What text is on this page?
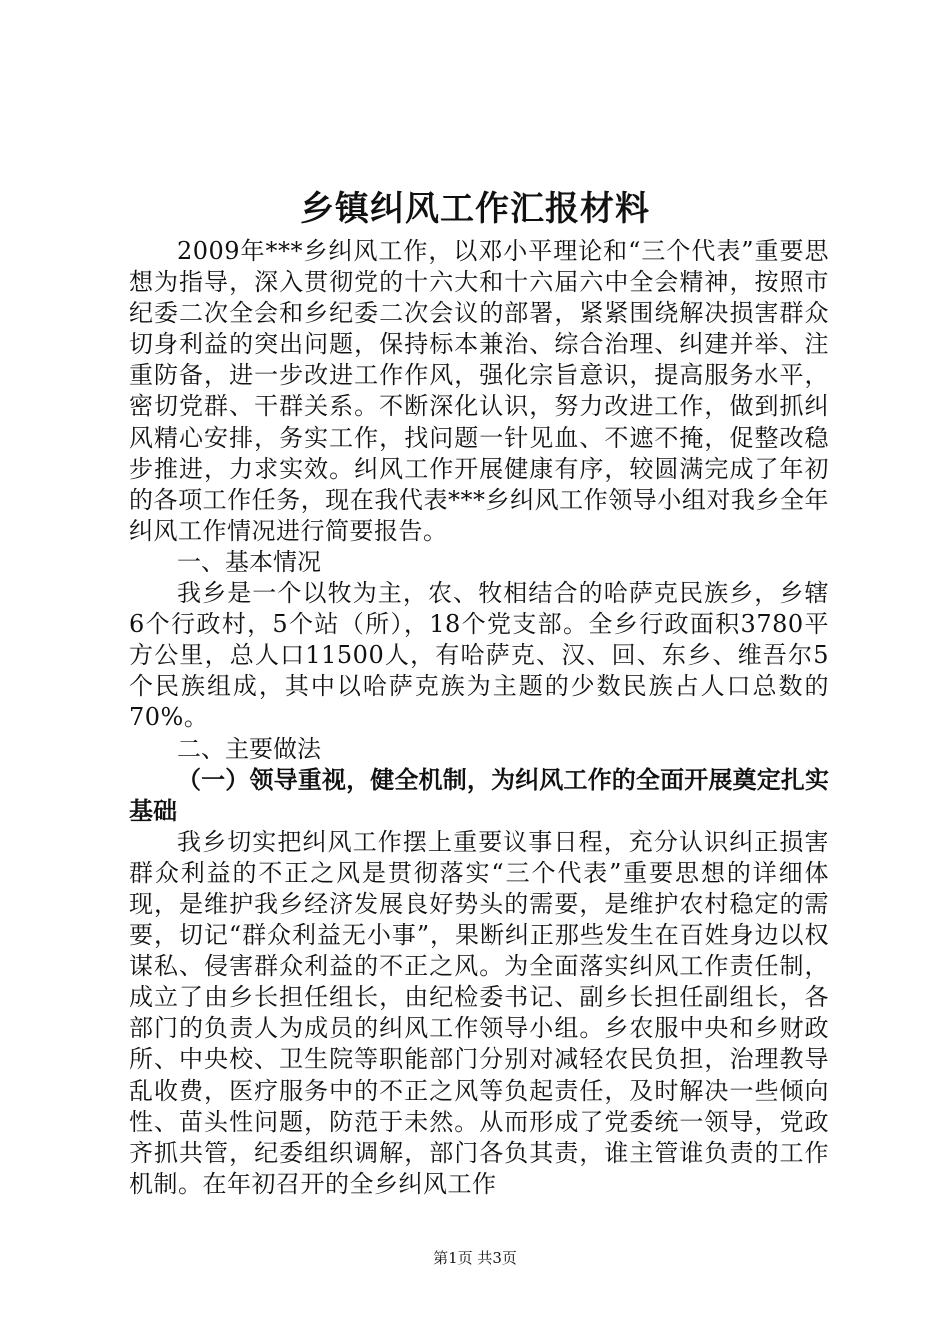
乡镇纠风工作汇报材料

2009年***乡纠风工作，以邓小平理论和“三个代表”重要思想为指导，深入贯彻党的十六大和十六届六中全会精神，按照市纪委二次全会和乡纪委二次会议的部署，紧紧围绕解决损害群众切身利益的突出问题，保持标本兼治、综合治理、纠建并举、注重防备，进一步改进工作作风，强化宗旨意识，提高服务水平，密切党群、干群关系。不断深化认识，努力改进工作，做到抓纠风精心安排，务实工作，找问题一针见血、不遮不掩，促整改稳步推进，力求实效。纠风工作开展健康有序，较圆满完成了年初的各项工作任务，现在我代表***乡纠风工作领导小组对我乡全年纠风工作情况进行简要报告。

一、基本情况

我乡是一个以牧为主，农、牧相结合的哈萨克民族乡，乡辖6个行政村，5个站（所），18个党支部。全乡行政面积3780平方公里，总人口11500人，有哈萨克、汉、回、东乡、维吾尔5个民族组成，其中以哈萨克族为主题的少数民族占人口总数的70%。

二、主要做法

（一）领导重视，健全机制，为纠风工作的全面开展奠定扎实基础

我乡切实把纠风工作摆上重要议事日程，充分认识纠正损害群众利益的不正之风是贯彻落实“三个代表”重要思想的详细体现，是维护我乡经济发展良好势头的需要，是维护农村稳定的需要，切记“群众利益无小事”，果断纠正那些发生在百姓身边以权谋私、侵害群众利益的不正之风。为全面落实纠风工作责任制，成立了由乡长担任组长，由纪检委书记、副乡长担任副组长，各部门的负责人为成员的纠风工作领导小组。乡农服中央和乡财政所、中央校、卫生院等职能部门分别对减轻农民负担，治理教导乱收费，医疗服务中的不正之风等负起责任，及时解决一些倾向性、苗头性问题，防范于未然。从而形成了党委统一领导，党政齐抓共管，纪委组织调解，部门各负其责，谁主管谁负责的工作机制。在年初召开的全乡纠风工作

第1页 共3页
